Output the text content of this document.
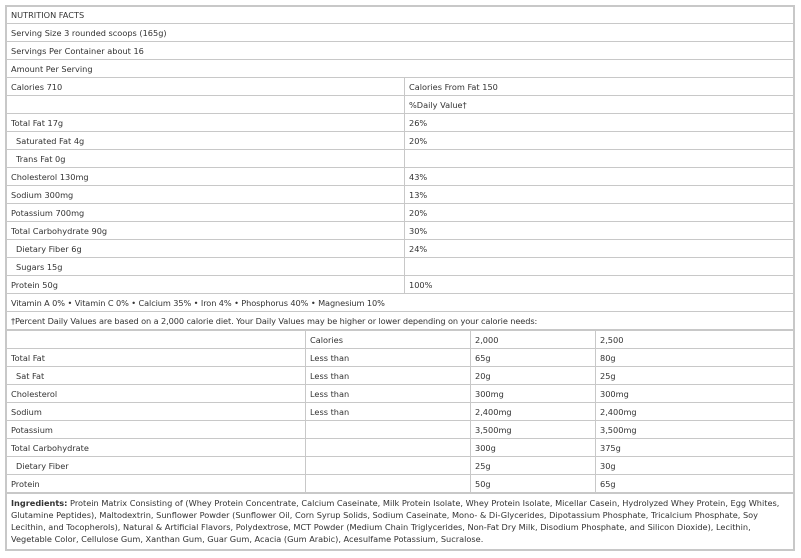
NUTRITION FACTS	
Serving Size 3 rounded scoops (165g)	
Servings Per Container about 16	
Amount Per Serving	
Calories 710	Calories From Fat 150
	%Daily Value†
Total Fat 17g	26%
Saturated Fat 4g	20%
Trans Fat 0g	
Cholesterol 130mg	43%
Sodium 300mg	13%
Potassium 700mg	20%
Total Carbohydrate 90g	30%
Dietary Fiber 6g	24%
Sugars 15g	
Protein 50g	100%
Vitamin A 0% • Vitamin C 0% • Calcium 35% • Iron 4% • Phosphorus 40% • Magnesium 10%	
†Percent Daily Values are based on a 2,000 calorie diet. Your Daily Values may be higher or lower depending on your calorie needs:	
	Calories	2,000	2,500
Total Fat	Less than	65g	80g
Sat Fat	Less than	20g	25g
Cholesterol	Less than	300mg	300mg
Sodium	Less than	2,400mg	2,400mg
Potassium		3,500mg	3,500mg
Total Carbohydrate		300g	375g
Dietary Fiber		25g	30g
Protein		50g	65g
Ingredients: Protein Matrix Consisting of (Whey Protein Concentrate, Calcium Caseinate, Milk Protein Isolate, Whey Protein Isolate, Micellar Casein, Hydrolyzed Whey Protein, Egg Whites, Glutamine Peptides), Maltodextrin, Sunflower Powder (Sunflower Oil, Corn Syrup Solids, Sodium Caseinate, Mono- & Di-Glycerides, Dipotassium Phosphate, Tricalcium Phosphate, Soy Lecithin, and Tocopherols), Natural & Artificial Flavors, Polydextrose, MCT Powder (Medium Chain Triglycerides, Non-Fat Dry Milk, Disodium Phosphate, and Silicon Dioxide), Lecithin, Vegetable Color, Cellulose Gum, Xanthan Gum, Guar Gum, Acacia (Gum Arabic), Acesulfame Potassium, Sucralose.
